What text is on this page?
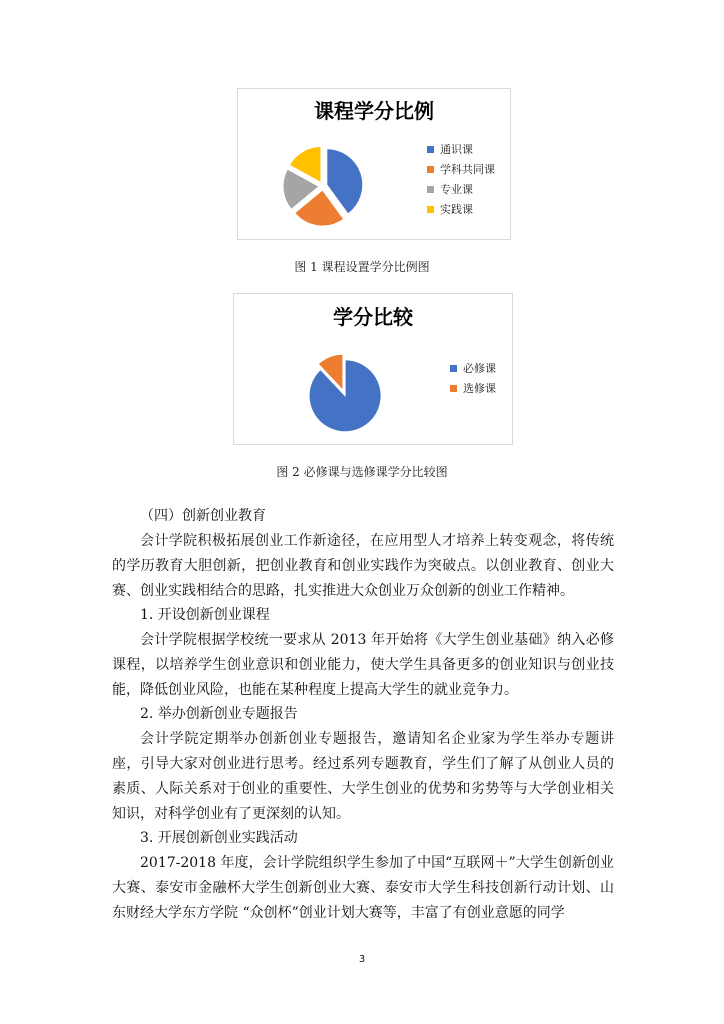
课程学分比例
通识课
学科共同课
专业课
实践课
图 1 课程设置学分比例图
学分比较
必修课
选修课
图 2 必修课与选修课学分比较图

（四）创新创业教育

会计学院积极拓展创业工作新途径，在应用型人才培养上转变观念，将传统的学历教育大胆创新，把创业教育和创业实践作为突破点。以创业教育、创业大赛、创业实践相结合的思路，扎实推进大众创业万众创新的创业工作精神。

1. 开设创新创业课程

会计学院根据学校统一要求从 2013 年开始将《大学生创业基础》纳入必修课程，以培养学生创业意识和创业能力，使大学生具备更多的创业知识与创业技能，降低创业风险，也能在某种程度上提高大学生的就业竞争力。

2. 举办创新创业专题报告

会计学院定期举办创新创业专题报告，邀请知名企业家为学生举办专题讲座，引导大家对创业进行思考。经过系列专题教育，学生们了解了从创业人员的素质、人际关系对于创业的重要性、大学生创业的优势和劣势等与大学创业相关知识，对科学创业有了更深刻的认知。

3. 开展创新创业实践活动

2017-2018 年度，会计学院组织学生参加了中国“互联网＋”大学生创新创业大赛、泰安市金融杯大学生创新创业大赛、泰安市大学生科技创新行动计划、山东财经大学东方学院 “众创杯”创业计划大赛等，丰富了有创业意愿的同学

3
